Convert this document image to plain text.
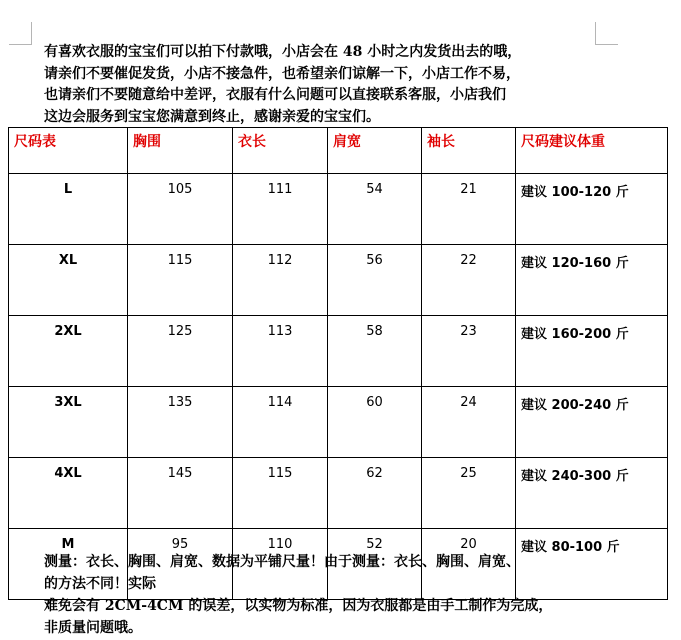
有喜欢衣服的宝宝们可以拍下付款哦，小店会在 48 小时之内发货出去的哦，
请亲们不要催促发货，小店不接急件，也希望亲们谅解一下，小店工作不易，
也请亲们不要随意给中差评，衣服有什么问题可以直接联系客服，小店我们
这边会服务到宝宝您满意到终止，感谢亲爱的宝宝们。
尺码表	胸围	衣长	肩宽	袖长	尺码建议体重
L	105	111	54	21	建议 100-120 斤
XL	115	112	56	22	建议 120-160 斤
2XL	125	113	58	23	建议 160-200 斤
3XL	135	114	60	24	建议 200-240 斤
4XL	145	115	62	25	建议 240-300 斤
M	95	110	52	20	建议 80-100 斤
测量：衣长、胸围、肩宽、数据为平铺尺量！由于测量：衣长、胸围、肩宽、
的方法不同！实际
难免会有 2CM-4CM 的误差，以实物为标准，因为衣服都是由手工制作为完成，
非质量问题哦。
